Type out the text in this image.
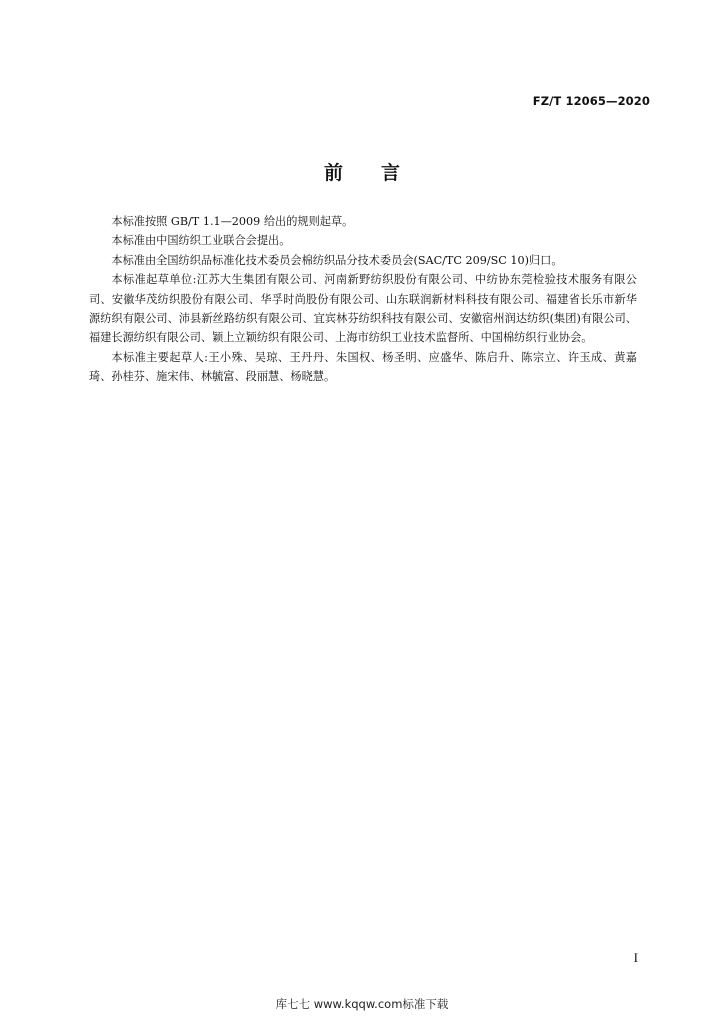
FZ/T 12065—2020
前 言

本标准按照 GB/T 1.1—2009 给出的规则起草。

本标准由中国纺织工业联合会提出。

本标准由全国纺织品标准化技术委员会棉纺织品分技术委员会(SAC/TC 209/SC 10)归口。

本标准起草单位:江苏大生集团有限公司、河南新野纺织股份有限公司、中纺协东莞检验技术服务有限公司、安徽华茂纺织股份有限公司、华孚时尚股份有限公司、山东联润新材料科技有限公司、福建省长乐市新华源纺织有限公司、沛县新丝路纺织有限公司、宜宾林芬纺织科技有限公司、安徽宿州润达纺织(集团)有限公司、福建长源纺织有限公司、颖上立颖纺织有限公司、上海市纺织工业技术监督所、中国棉纺织行业协会。

本标准主要起草人:王小殊、吴琼、王丹丹、朱国权、杨圣明、应盛华、陈启升、陈宗立、许玉成、黄嘉琦、孙桂芬、施宋伟、林毓富、段丽慧、杨晓慧。

I
库七七 www.kqqw.com标准下载
